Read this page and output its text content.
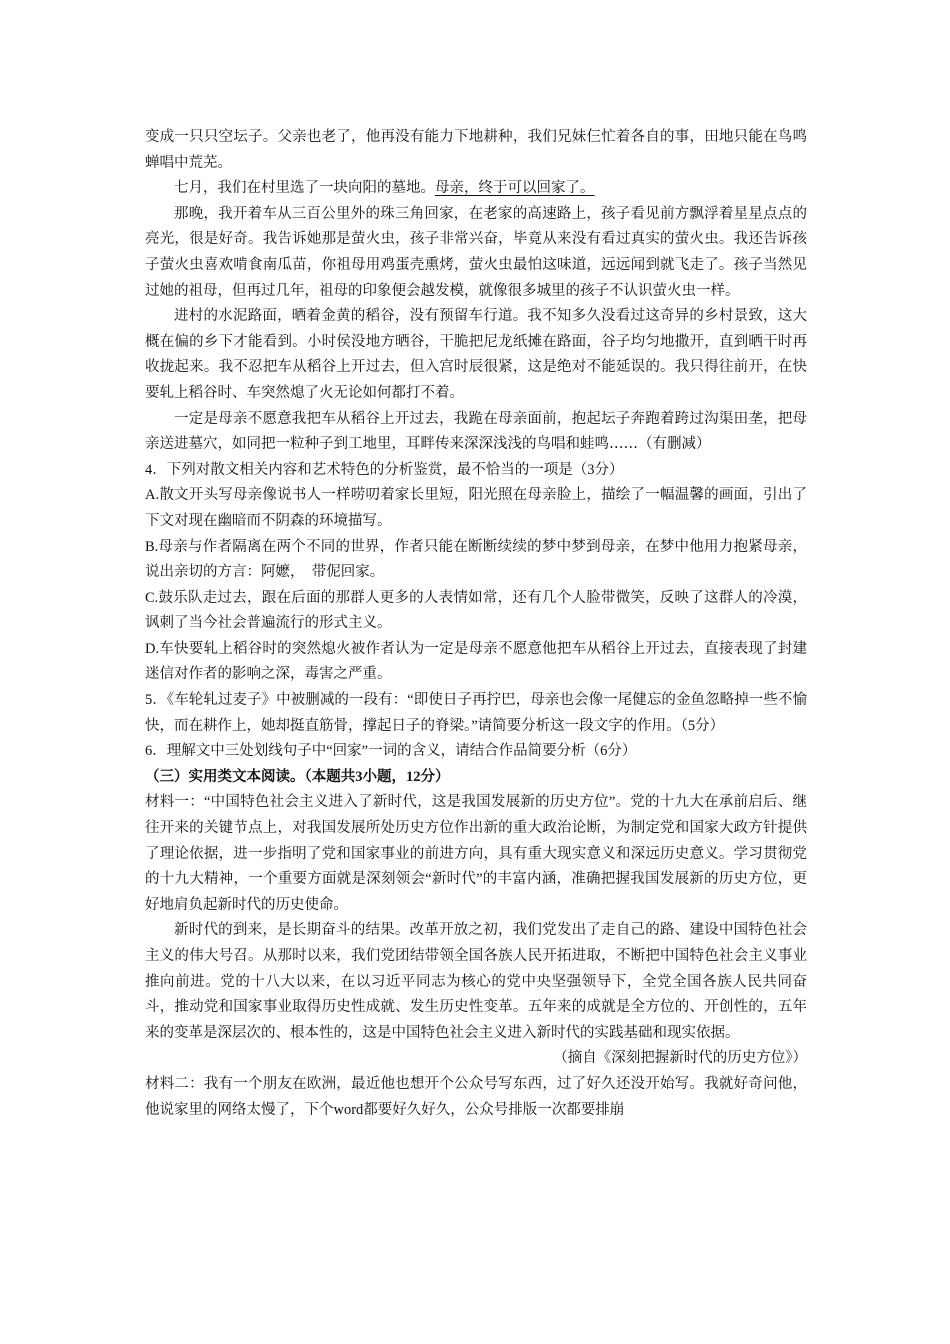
变成一只只空坛子。父亲也老了，他再没有能力下地耕种，我们兄妹仨忙着各自的事，田地只能在鸟鸣蝉唱中荒芜。

七月，我们在村里选了一块向阳的墓地。母亲，终于可以回家了。

那晚，我开着车从三百公里外的珠三角回家，在老家的高速路上，孩子看见前方飘浮着星星点点的亮光，很是好奇。我告诉她那是萤火虫，孩子非常兴奋，毕竟从来没有看过真实的萤火虫。我还告诉孩子萤火虫喜欢啃食南瓜苗，你祖母用鸡蛋壳熏烤，萤火虫最怕这味道，远远闻到就飞走了。孩子当然见过她的祖母，但再过几年，祖母的印象便会越发模，就像很多城里的孩子不认识萤火虫一样。

进村的水泥路面，晒着金黄的稻谷，没有预留车行道。我不知多久没看过这奇异的乡村景致，这大概在偏的乡下才能看到。小时侯没地方晒谷，干脆把尼龙纸摊在路面，谷子均匀地撒开，直到晒干时再收拢起来。我不忍把车从稻谷上开过去，但入宫时辰很紧，这是绝对不能延误的。我只得往前开，在快要轧上稻谷时、车突然熄了火无论如何都打不着。

一定是母亲不愿意我把车从稻谷上开过去，我跪在母亲面前，抱起坛子奔跑着跨过沟渠田垄，把母亲送进墓穴，如同把一粒种子到工地里，耳畔传来深深浅浅的鸟唱和蛙鸣……（有删减）

4．下列对散文相关内容和艺术特色的分析鉴赏，最不恰当的一项是（3分）

A.散文开头写母亲像说书人一样唠叨着家长里短，阳光照在母亲脸上，描绘了一幅温馨的画面，引出了下文对现在幽暗而不阴森的环境描写。

B.母亲与作者隔离在两个不同的世界，作者只能在断断续续的梦中梦到母亲，在梦中他用力抱紧母亲，说出亲切的方言：阿嬷，　带伲回家。

C.鼓乐队走过去，跟在后面的那群人更多的人表情如常，还有几个人脸带微笑，反映了这群人的冷漠，讽刺了当今社会普遍流行的形式主义。

D.车快要轧上稻谷时的突然熄火被作者认为一定是母亲不愿意他把车从稻谷上开过去，直接表现了封建迷信对作者的影响之深，毒害之严重。

5．《车轮轧过麦子》中被删减的一段有：“即使日子再拧巴，母亲也会像一尾健忘的金鱼忽略掉一些不愉快，而在耕作上，她却挺直筋骨，撑起日子的脊梁。”请简要分析这一段文字的作用。（5分）

6．理解文中三处划线句子中“回家”一词的含义，请结合作品简要分析（6分）

（三）实用类文本阅读。（本题共3小题，12分）

材料一：“中国特色社会主义进入了新时代，这是我国发展新的历史方位”。党的十九大在承前启后、继往开来的关键节点上，对我国发展所处历史方位作出新的重大政治论断，为制定党和国家大政方针提供了理论依据，进一步指明了党和国家事业的前进方向，具有重大现实意义和深远历史意义。学习贯彻党的十九大精神，一个重要方面就是深刻领会“新时代”的丰富内涵，准确把握我国发展新的历史方位，更好地肩负起新时代的历史使命。

新时代的到来，是长期奋斗的结果。改革开放之初，我们党发出了走自己的路、建设中国特色社会主义的伟大号召。从那时以来，我们党团结带领全国各族人民开拓进取，不断把中国特色社会主义事业推向前进。党的十八大以来，在以习近平同志为核心的党中央坚强领导下，全党全国各族人民共同奋斗，推动党和国家事业取得历史性成就、发生历史性变革。五年来的成就是全方位的、开创性的，五年来的变革是深层次的、根本性的，这是中国特色社会主义进入新时代的实践基础和现实依据。

（摘自《深刻把握新时代的历史方位》）

材料二：我有一个朋友在欧洲，最近他也想开个公众号写东西，过了好久还没开始写。我就好奇问他，他说家里的网络太慢了，下个word都要好久好久，公众号排版一次都要排崩
